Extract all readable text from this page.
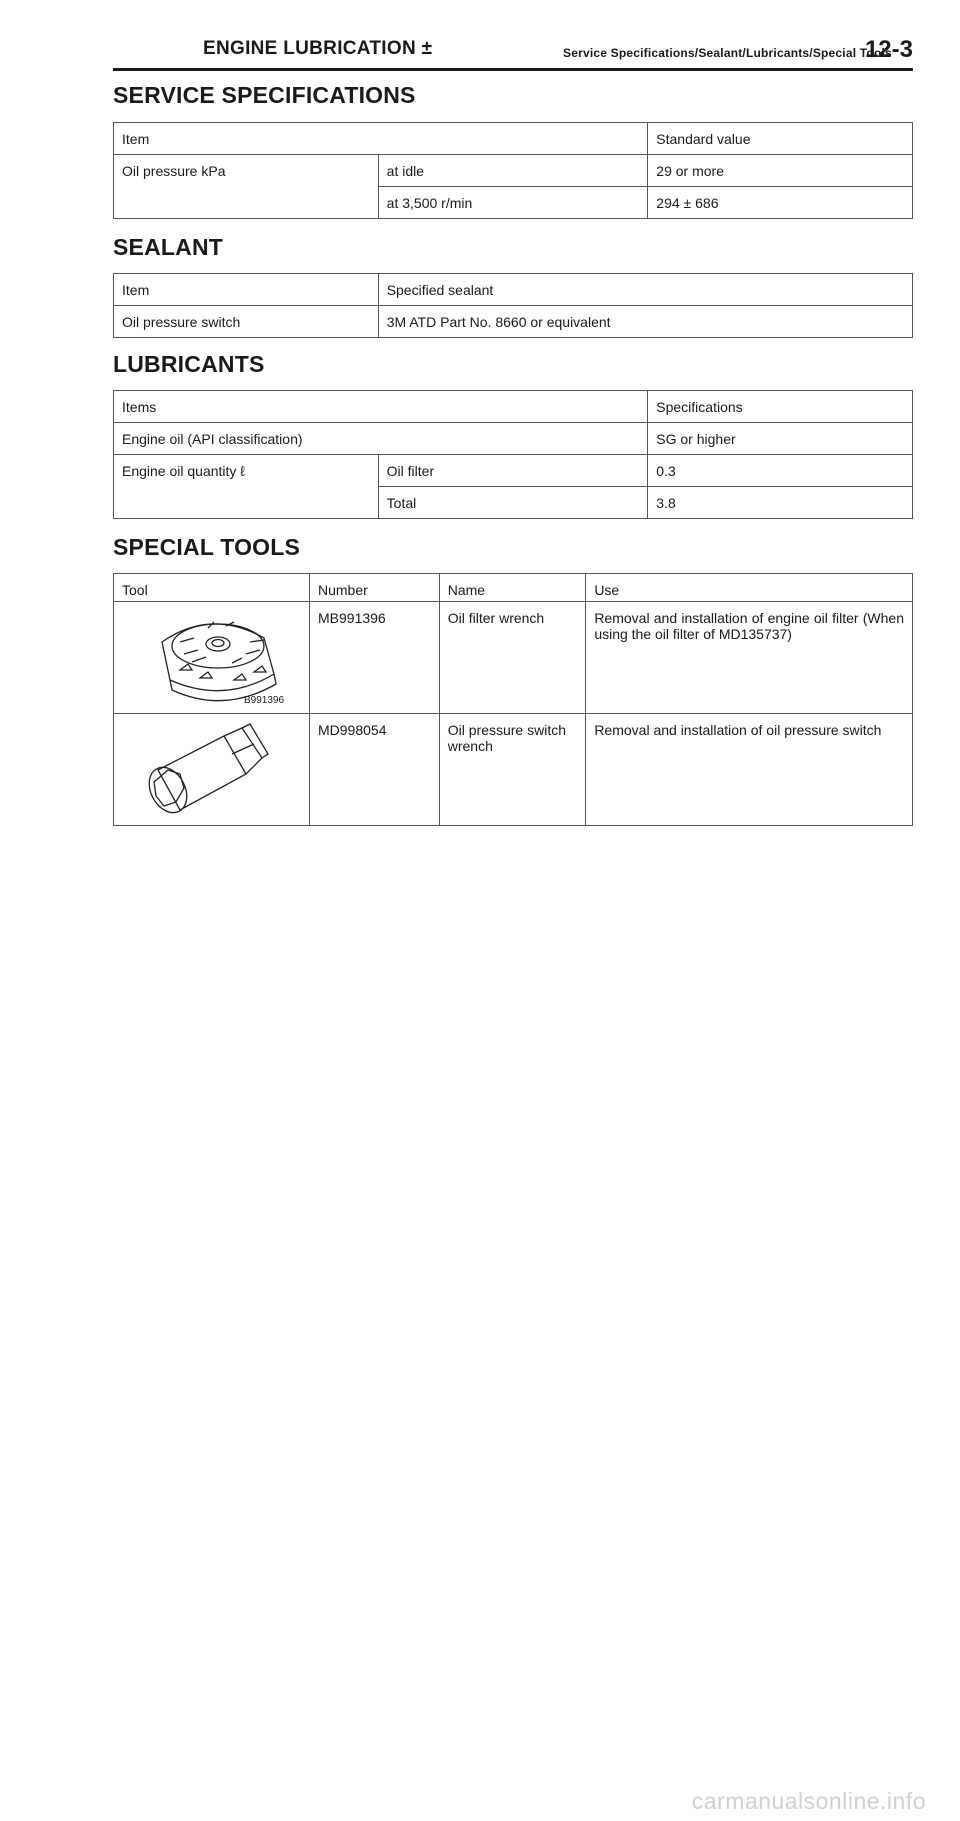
ENGINE LUBRICATION ±	Service Specifications/Sealant/Lubricants/Special Tools
12-3
SERVICE SPECIFICATIONS
Item		Standard value
Oil pressure kPa	at idle	29 or more
	at 3,500 r/min	294 ± 686
SEALANT
Item	Specified sealant
Oil pressure switch	3M ATD Part No. 8660 or equivalent
LUBRICANTS
Items		Specifications
Engine oil (API classification)		SG or higher
Engine oil quantity ℓ	Oil filter	0.3
	Total	3.8
SPECIAL TOOLS
Tool	Number	Name	Use

B991396	MB991396	Oil filter wrench	Removal and installation of engine oil filter (When using the oil filter of MD135737)

	MD998054	Oil pressure switch wrench	Removal and installation of oil pressure switch
carmanualsonline.info
